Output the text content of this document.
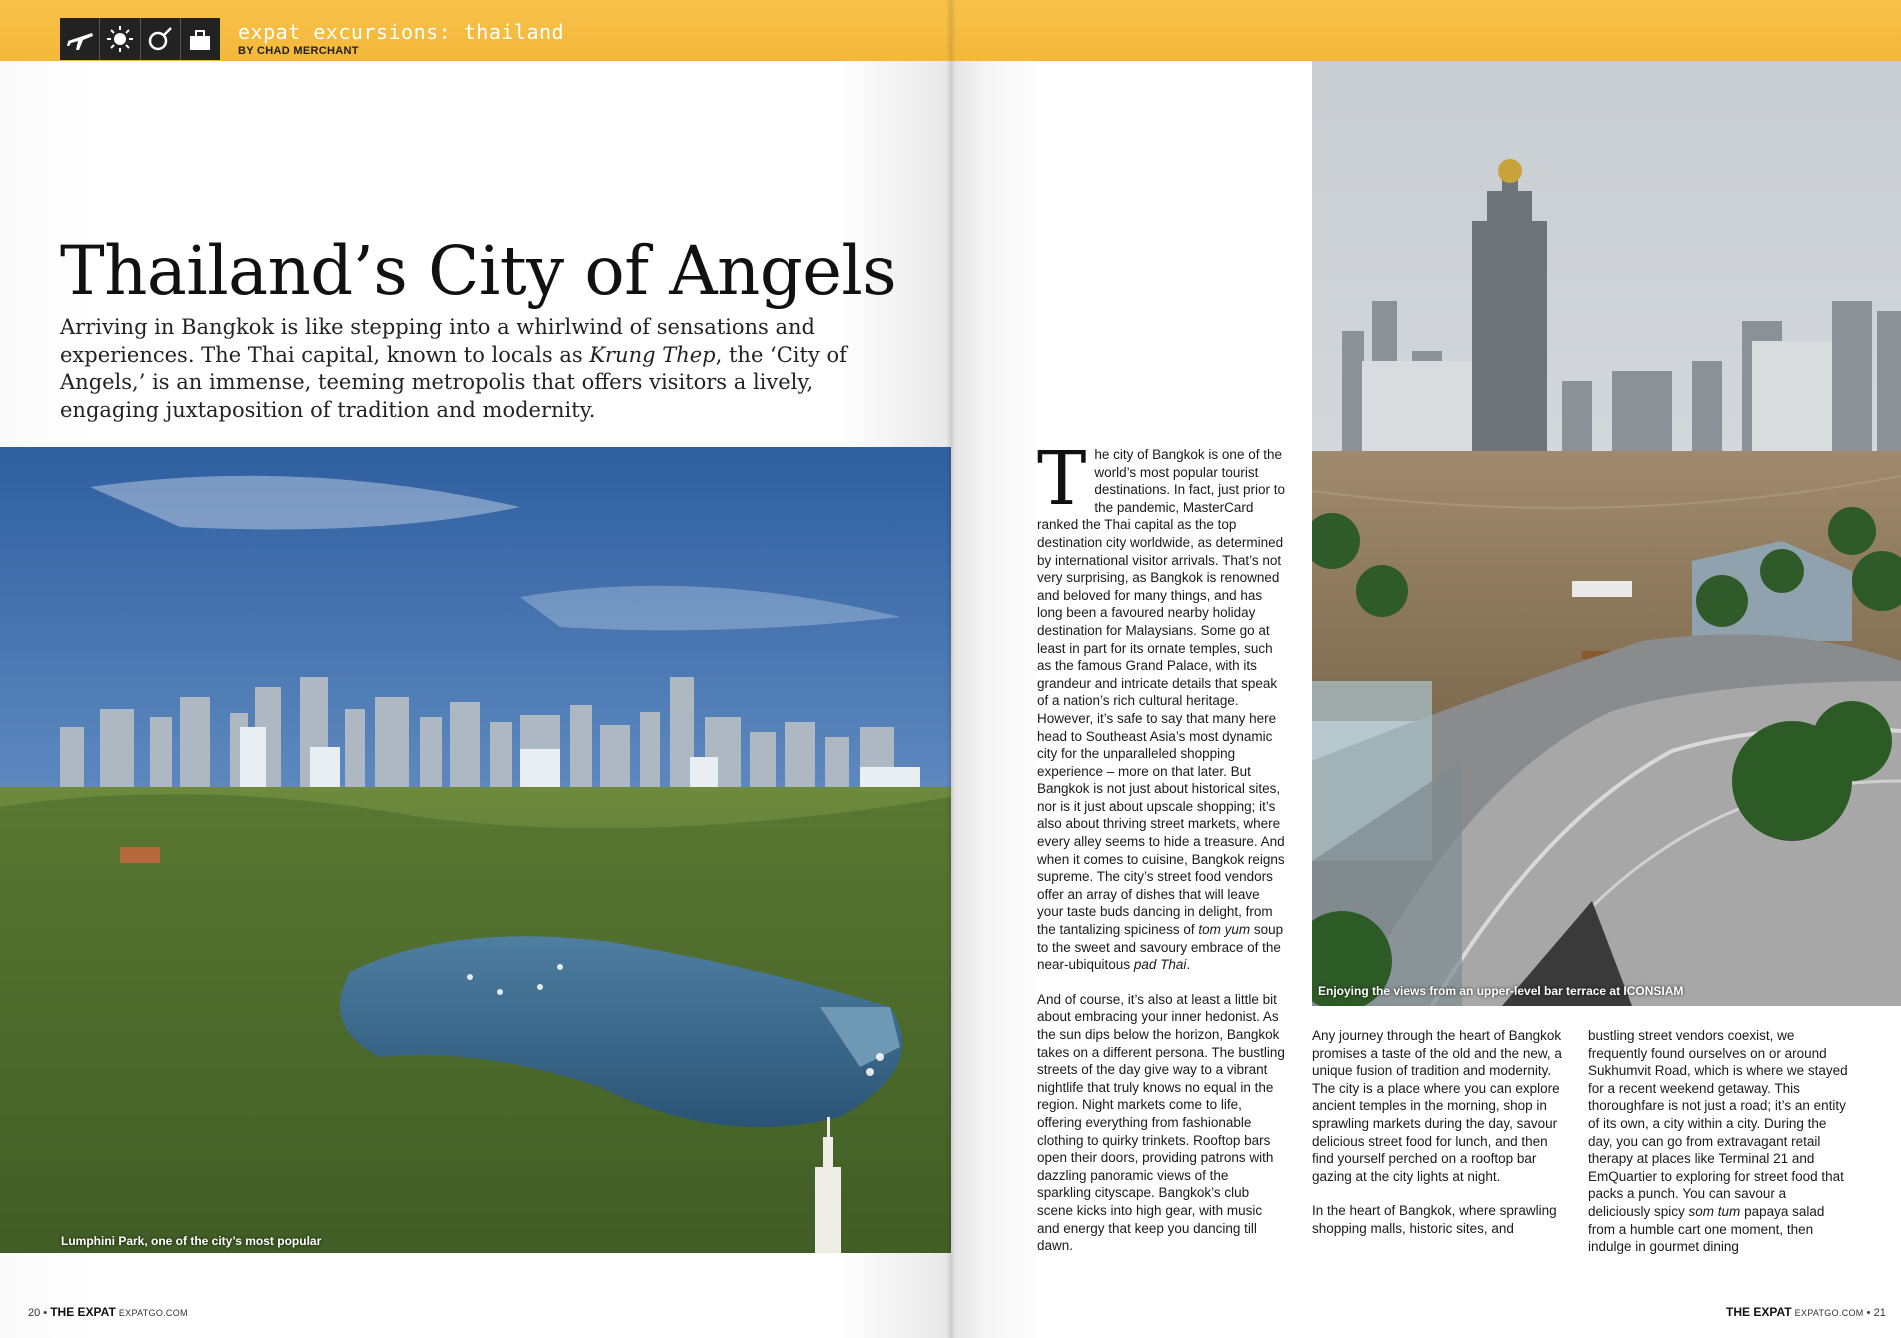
expat excursions: thailand
BY CHAD MERCHANT
Thailand’s City of Angels
Arriving in Bangkok is like stepping into a whirlwind of sensations and experiences. The Thai capital, known to locals as Krung Thep, the ‘City of Angels,’ is an immense, teeming metropolis that offers visitors a lively, engaging juxtaposition of tradition and modernity.
Lumphini Park, one of the city’s most popular
20 • THE EXPAT EXPATGO.COM
Enjoying the views from an upper-level bar terrace at ICONSIAM

The city of Bangkok is one of the world’s most popular tourist destinations. In fact, just prior to the pandemic, MasterCard ranked the Thai capital as the top destination city worldwide, as determined by international visitor arrivals. That’s not very surprising, as Bangkok is renowned and beloved for many things, and has long been a favoured nearby holiday destination for Malaysians. Some go at least in part for its ornate temples, such as the famous Grand Palace, with its grandeur and intricate details that speak of a nation’s rich cultural heritage. However, it’s safe to say that many here head to Southeast Asia’s most dynamic city for the unparalleled shopping experience – more on that later. But Bangkok is not just about historical sites, nor is it just about upscale shopping; it’s also about thriving street markets, where every alley seems to hide a treasure. And when it comes to cuisine, Bangkok reigns supreme. The city’s street food vendors offer an array of dishes that will leave your taste buds dancing in delight, from the tantalizing spiciness of tom yum soup to the sweet and savoury embrace of the near-ubiquitous pad Thai.

And of course, it’s also at least a little bit about embracing your inner hedonist. As the sun dips below the horizon, Bangkok takes on a different persona. The bustling streets of the day give way to a vibrant nightlife that truly knows no equal in the region. Night markets come to life, offering everything from fashionable clothing to quirky trinkets. Rooftop bars open their doors, providing patrons with dazzling panoramic views of the sparkling cityscape. Bangkok’s club scene kicks into high gear, with music and energy that keep you dancing till dawn.

Any journey through the heart of Bangkok promises a taste of the old and the new, a unique fusion of tradition and modernity. The city is a place where you can explore ancient temples in the morning, shop in sprawling markets during the day, savour delicious street food for lunch, and then find yourself perched on a rooftop bar gazing at the city lights at night.

In the heart of Bangkok, where sprawling shopping malls, historic sites, and

bustling street vendors coexist, we frequently found ourselves on or around Sukhumvit Road, which is where we stayed for a recent weekend getaway. This thoroughfare is not just a road; it’s an entity of its own, a city within a city. During the day, you can go from extravagant retail therapy at places like Terminal 21 and EmQuartier to exploring for street food that packs a punch. You can savour a deliciously spicy som tum papaya salad from a humble cart one moment, then indulge in gourmet dining

THE EXPAT EXPATGO.COM • 21
